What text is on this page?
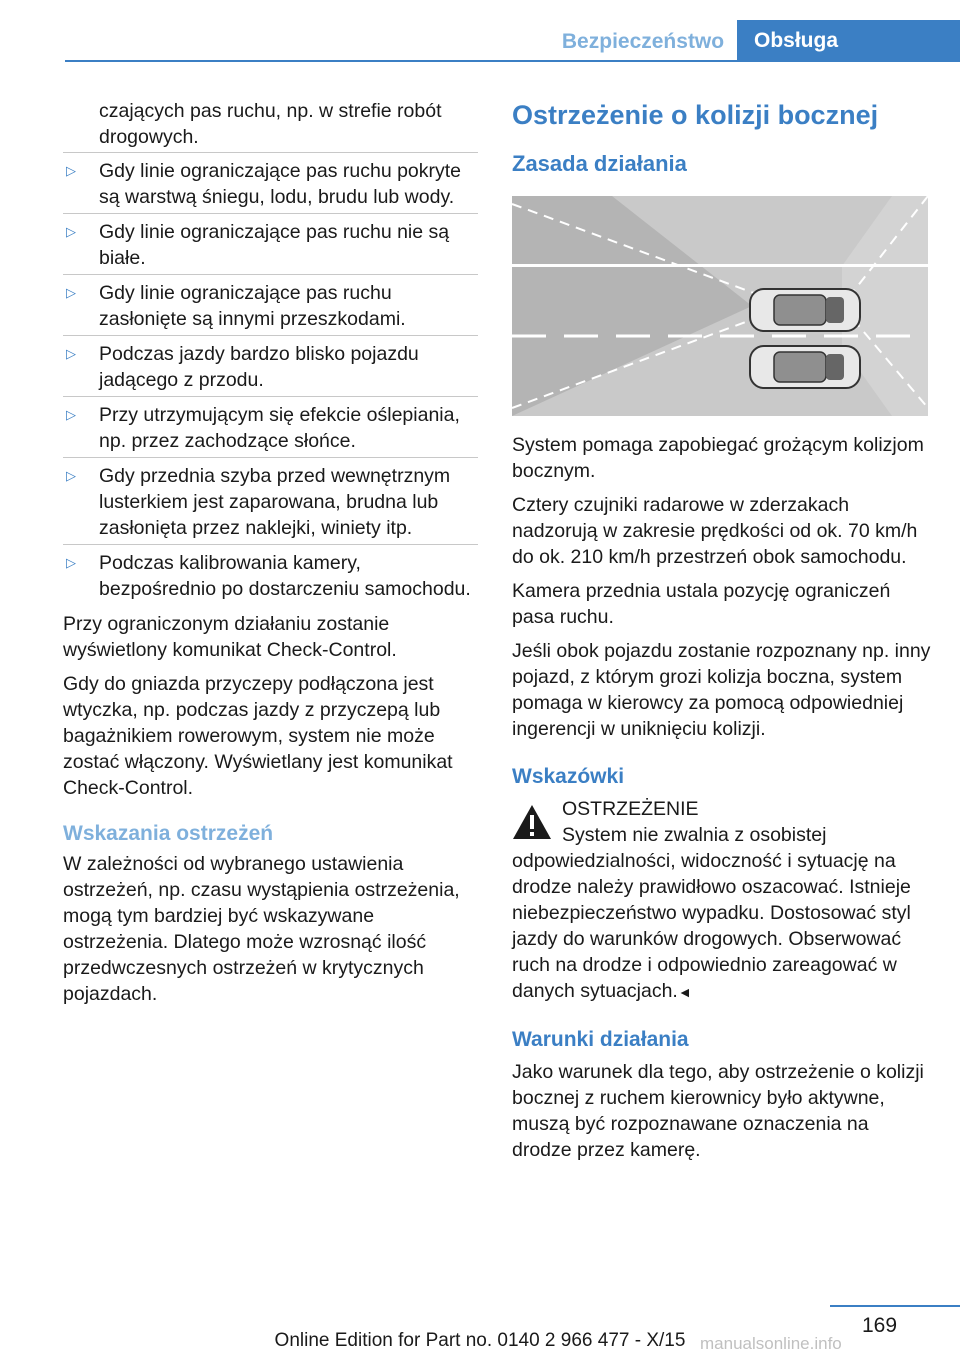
Bezpieczeństwo	Obsługa
czających pas ruchu, np. w strefie robót drogowych.
▷ Gdy linie ograniczające pas ruchu pokryte są warstwą śniegu, lodu, brudu lub wody.
▷ Gdy linie ograniczające pas ruchu nie są białe.
▷ Gdy linie ograniczające pas ruchu zasłonięte są innymi przeszkodami.
▷ Podczas jazdy bardzo blisko pojazdu jadącego z przodu.
▷ Przy utrzymującym się efekcie oślepiania, np. przez zachodzące słońce.
▷ Gdy przednia szyba przed wewnętrznym lusterkiem jest zaparowana, brudna lub zasłonięta przez naklejki, winiety itp.
▷ Podczas kalibrowania kamery, bezpośrednio po dostarczeniu samochodu.
Przy ograniczonym działaniu zostanie wyświetlony komunikat Check-Control.
Gdy do gniazda przyczepy podłączona jest wtyczka, np. podczas jazdy z przyczepą lub bagażnikiem rowerowym, system nie może zostać włączony. Wyświetlany jest komunikat Check-Control.
Wskazania ostrzeżeń
W zależności od wybranego ustawienia ostrzeżeń, np. czasu wystąpienia ostrzeżenia, mogą tym bardziej być wskazywane ostrzeżenia. Dlatego może wzrosnąć ilość przedwczesnych ostrzeżeń w krytycznych pojazdach.
Ostrzeżenie o kolizji bocznej
Zasada działania
System pomaga zapobiegać grożącym kolizjom bocznym.
Cztery czujniki radarowe w zderzakach nadzorują w zakresie prędkości od ok. 70 km/h do ok. 210 km/h przestrzeń obok samochodu.
Kamera przednia ustala pozycję ograniczeń pasa ruchu.
Jeśli obok pojazdu zostanie rozpoznany np. inny pojazd, z którym grozi kolizja boczna, system pomaga w kierowcy za pomocą odpowiedniej ingerencji w uniknięciu kolizji.
Wskazówki
OSTRZEŻENIE
System nie zwalnia z osobistej odpowiedzialności, widoczność i sytuację na drodze należy prawidłowo oszacować. Istnieje niebezpieczeństwo wypadku. Dostosować styl jazdy do warunków drogowych. Obserwować ruch na drodze i odpowiednio zareagować w danych sytuacjach.◄
Warunki działania
Jako warunek dla tego, aby ostrzeżenie o kolizji bocznej z ruchem kierownicy było aktywne, muszą być rozpoznawane oznaczenia na drodze przez kamerę.
169
Online Edition for Part no. 0140 2 966 477 - X/15 manualsonline.info
